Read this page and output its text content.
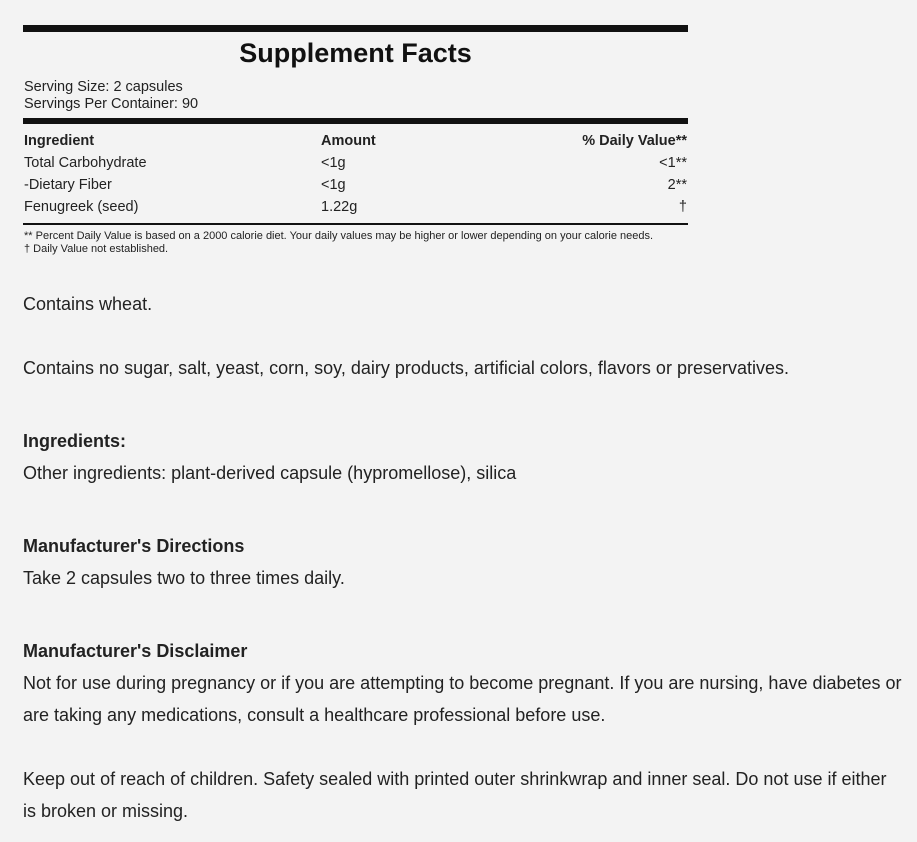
Supplement Facts
Serving Size: 2 capsules
Servings Per Container: 90
Ingredient	Amount	% Daily Value**
Total Carbohydrate	<1g	<1**
-Dietary Fiber	<1g	2**
Fenugreek (seed)	1.22g	†
** Percent Daily Value is based on a 2000 calorie diet. Your daily values may be higher or lower depending on your calorie needs.
† Daily Value not established.

Contains wheat.

Contains no sugar, salt, yeast, corn, soy, dairy products, artificial colors, flavors or preservatives.

Ingredients:

Other ingredients: plant-derived capsule (hypromellose), silica

Manufacturer's Directions

Take 2 capsules two to three times daily.

Manufacturer's Disclaimer

Not for use during pregnancy or if you are attempting to become pregnant. If you are nursing, have diabetes or are taking any medications, consult a healthcare professional before use.

Keep out of reach of children. Safety sealed with printed outer shrinkwrap and inner seal. Do not use if either is broken or missing.
